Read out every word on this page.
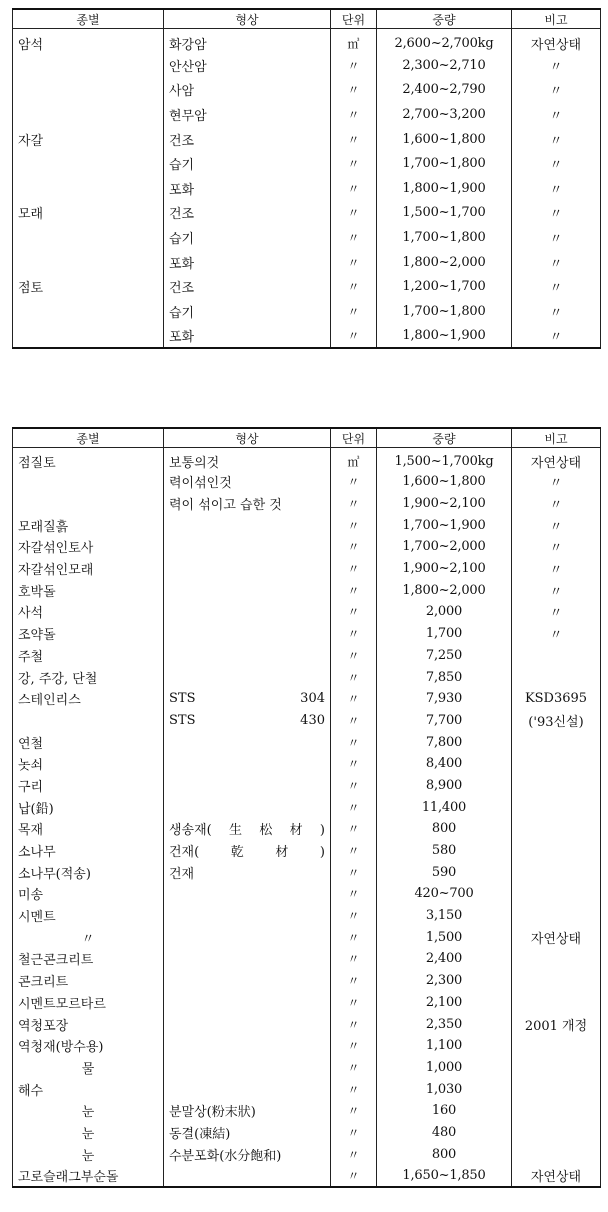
종별	형상	단위	중량	비고
암석	화강암	㎥	2,600~2,700kg	자연상태
	안산암	〃	2,300~2,710	〃
	사암	〃	2,400~2,790	〃
	현무암	〃	2,700~3,200	〃
자갈	건조	〃	1,600~1,800	〃
	습기	〃	1,700~1,800	〃
	포화	〃	1,800~1,900	〃
모래	건조	〃	1,500~1,700	〃
	습기	〃	1,700~1,800	〃
	포화	〃	1,800~2,000	〃
점토	건조	〃	1,200~1,700	〃
	습기	〃	1,700~1,800	〃
	포화	〃	1,800~1,900	〃
종별	형상	단위	중량	비고
점질토	보통의것	㎥	1,500~1,700kg	자연상태
	력이섞인것	〃	1,600~1,800	〃
	력이 섞이고 습한 것	〃	1,900~2,100	〃
모래질흙		〃	1,700~1,900	〃
자갈섞인토사		〃	1,700~2,000	〃
자갈섞인모래		〃	1,900~2,100	〃
호박돌		〃	1,800~2,000	〃
사석		〃	2,000	〃
조약돌		〃	1,700	〃
주철		〃	7,250	
강, 주강, 단철		〃	7,850	
스테인리스	STS 304	〃	7,930	KSD3695
	STS 430	〃	7,700	('93신설)
연철		〃	7,800	
놋쇠		〃	8,400	
구리		〃	8,900	
납(鉛)		〃	11,400	
목재	생송재(生松材)	〃	800	
소나무	건재(乾材)	〃	580	
소나무(적송)	건재	〃	590	
미송		〃	420~700	
시멘트		〃	3,150	
〃		〃	1,500	자연상태
철근콘크리트		〃	2,400	
콘크리트		〃	2,300	
시멘트모르타르		〃	2,100	
역청포장		〃	2,350	2001 개정
역청재(방수용)		〃	1,100	
물		〃	1,000	
해수		〃	1,030	
눈	분말상(粉末狀)	〃	160	
눈	동결(凍結)	〃	480	
눈	수분포화(水分飽和)	〃	800	
고로슬래그부순돌		〃	1,650~1,850	자연상태
